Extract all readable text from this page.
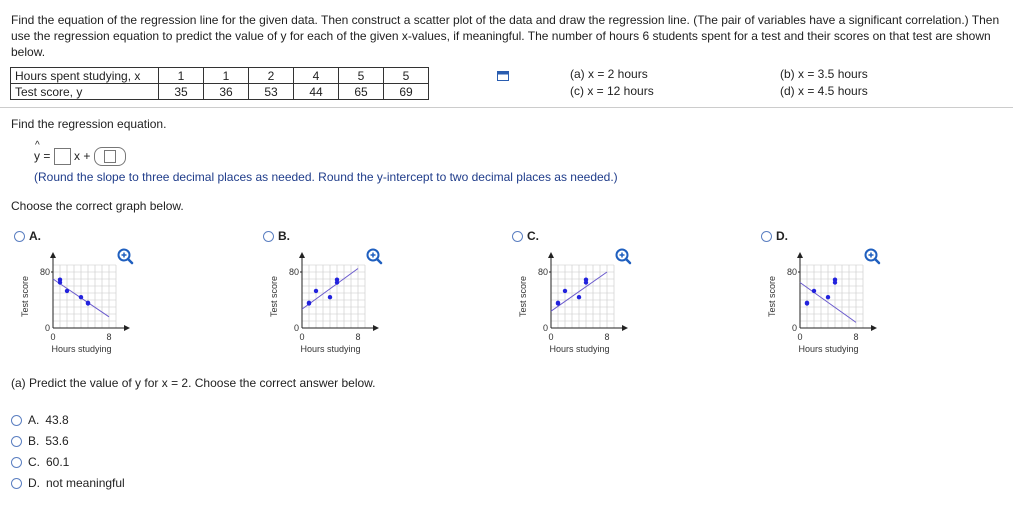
Find the equation of the regression line for the given data. Then construct a scatter plot of the data and draw the regression line. (The pair of variables have a significant correlation.) Then use the regression equation to predict the value of y for each of the given x-values, if meaningful. The number of hours 6 students spent for a test and their scores on that test are shown below.

Hours spent studying, x	1	1	2	4	5	5
Test score, y	35	36	53	44	65	69
(a) x = 2 hours
(c) x = 12 hours
(b) x = 3.5 hours
(d) x = 4.5 hours
Find the regression equation.
^
y = x +
(Round the slope to three decimal places as needed. Round the y-intercept to two decimal places as needed.)
Choose the correct graph below.
A.	B.	C.	D.
80
0
0	8
Hours studying
Test score
80
0
0	8
Hours studying
Test score
80
0
0	8
Hours studying
Test score
80
0
0	8
Hours studying
Test score
(a) Predict the value of y for x = 2. Choose the correct answer below.
A. 43.8
B. 53.6
C. 60.1
D. not meaningful
